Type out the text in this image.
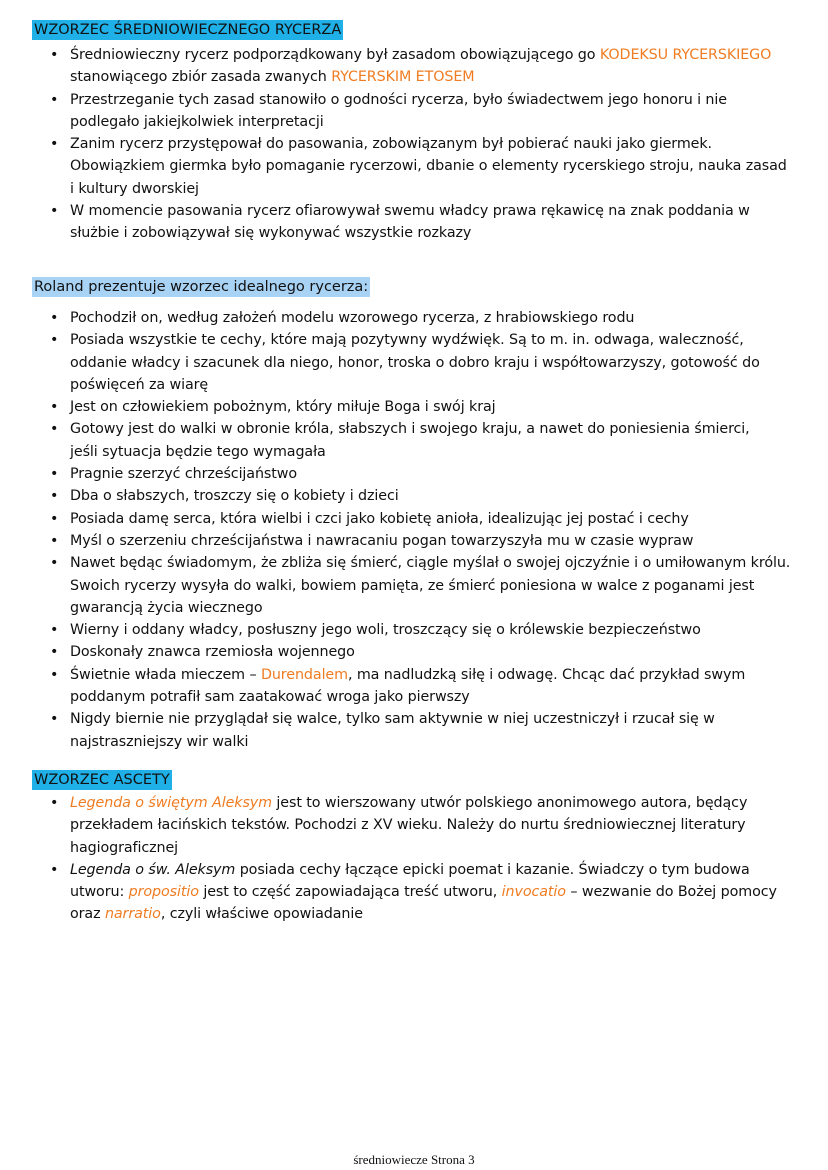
WZORZEC ŚREDNIOWIECZNEGO RYCERZA
• Średniowieczny rycerz podporządkowany był zasadom obowiązującego go KODEKSU RYCERSKIEGO
stanowiącego zbiór zasada zwanych RYCERSKIM ETOSEM
• Przestrzeganie tych zasad stanowiło o godności rycerza, było świadectwem jego honoru i nie
podlegało jakiejkolwiek interpretacji
• Zanim rycerz przystępował do pasowania, zobowiązanym był pobierać nauki jako giermek.
Obowiązkiem giermka było pomaganie rycerzowi, dbanie o elementy rycerskiego stroju, nauka zasad
i kultury dworskiej
• W momencie pasowania rycerz ofiarowywał swemu władcy prawa rękawicę na znak poddania w
służbie i zobowiązywał się wykonywać wszystkie rozkazy
Roland prezentuje wzorzec idealnego rycerza:
• Pochodził on, według założeń modelu wzorowego rycerza, z hrabiowskiego rodu
• Posiada wszystkie te cechy, które mają pozytywny wydźwięk. Są to m. in. odwaga, waleczność,
oddanie władcy i szacunek dla niego, honor, troska o dobro kraju i współtowarzyszy, gotowość do
poświęceń za wiarę
• Jest on człowiekiem pobożnym, który miłuje Boga i swój kraj
• Gotowy jest do walki w obronie króla, słabszych i swojego kraju, a nawet do poniesienia śmierci,
jeśli sytuacja będzie tego wymagała
• Pragnie szerzyć chrześcijaństwo
• Dba o słabszych, troszczy się o kobiety i dzieci
• Posiada damę serca, która wielbi i czci jako kobietę anioła, idealizując jej postać i cechy
• Myśl o szerzeniu chrześcijaństwa i nawracaniu pogan towarzyszyła mu w czasie wypraw
• Nawet będąc świadomym, że zbliża się śmierć, ciągle myślał o swojej ojczyźnie i o umiłowanym królu.
Swoich rycerzy wysyła do walki, bowiem pamięta, ze śmierć poniesiona w walce z poganami jest
gwarancją życia wiecznego
• Wierny i oddany władcy, posłuszny jego woli, troszczący się o królewskie bezpieczeństwo
• Doskonały znawca rzemiosła wojennego
• Świetnie włada mieczem – Durendalem, ma nadludzką siłę i odwagę. Chcąc dać przykład swym
poddanym potrafił sam zaatakować wroga jako pierwszy
• Nigdy biernie nie przyglądał się walce, tylko sam aktywnie w niej uczestniczył i rzucał się w
najstraszniejszy wir walki
WZORZEC ASCETY
• Legenda o świętym Aleksym jest to wierszowany utwór polskiego anonimowego autora, będący
przekładem łacińskich tekstów. Pochodzi z XV wieku. Należy do nurtu średniowiecznej literatury
hagiograficznej
• Legenda o św. Aleksym posiada cechy łączące epicki poemat i kazanie. Świadczy o tym budowa
utworu: propositio jest to część zapowiadająca treść utworu, invocatio – wezwanie do Bożej pomocy
oraz narratio, czyli właściwe opowiadanie
średniowiecze Strona 3
